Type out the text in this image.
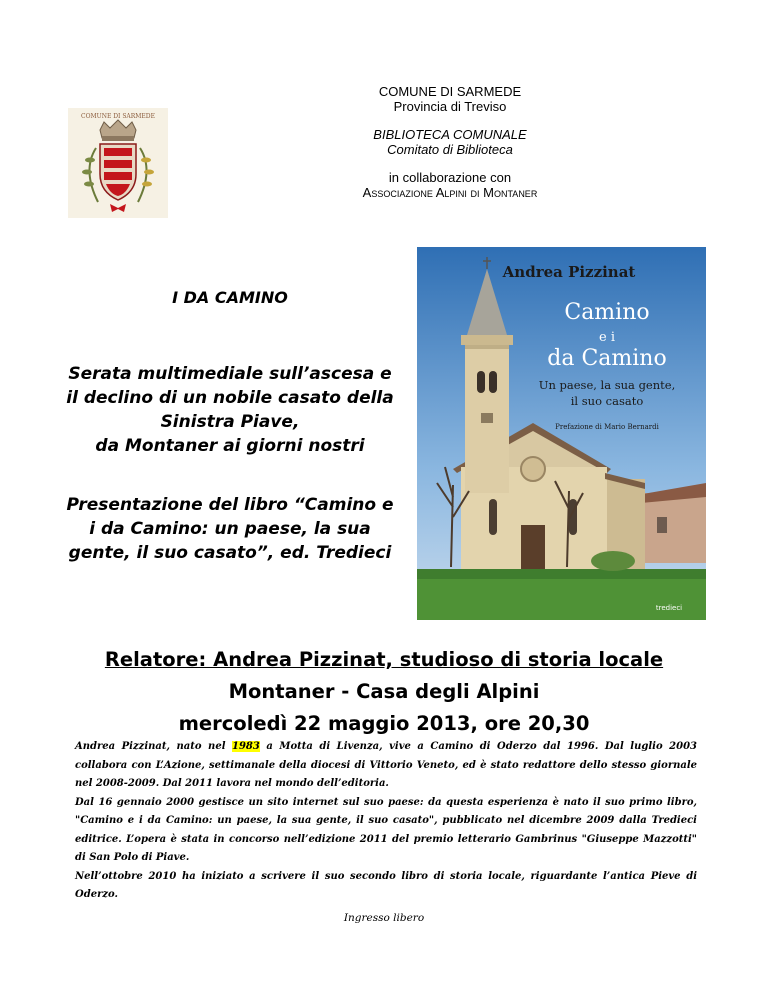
COMUNE DI SARMEDE
Provincia di Treviso
BIBLIOTECA COMUNALE
Comitato di Biblioteca
in collaborazione con
Associazione Alpini di Montaner
COMUNE DI SARMEDE
I DA CAMINO
Serata multimediale sull’ascesa e
il declino di un nobile casato della
Sinistra Piave,
da Montaner ai giorni nostri
Presentazione del libro “Camino e
i da Camino: un paese, la sua
gente, il suo casato”, ed. Tredieci
Andrea Pizzinat
Camino
e i
da Camino
Un paese, la sua gente,
il suo casato
Prefazione di Mario Bernardi
tredieci
Relatore: Andrea Pizzinat, studioso di storia locale
Montaner - Casa degli Alpini
mercoledì 22 maggio 2013, ore 20,30

Andrea Pizzinat, nato nel 1983 a Motta di Livenza, vive a Camino di Oderzo dal 1996. Dal luglio 2003 collabora con L’Azione, settimanale della diocesi di Vittorio Veneto, ed è stato redattore dello stesso giornale nel 2008-2009. Dal 2011 lavora nel mondo dell’editoria.

Dal 16 gennaio 2000 gestisce un sito internet sul suo paese: da questa esperienza è nato il suo primo libro, "Camino e i da Camino: un paese, la sua gente, il suo casato", pubblicato nel dicembre 2009 dalla Tredieci editrice. L’opera è stata in concorso nell’edizione 2011 del premio letterario Gambrinus "Giuseppe Mazzotti" di San Polo di Piave.

Nell’ottobre 2010 ha iniziato a scrivere il suo secondo libro di storia locale, riguardante l’antica Pieve di Oderzo.

Ingresso libero
